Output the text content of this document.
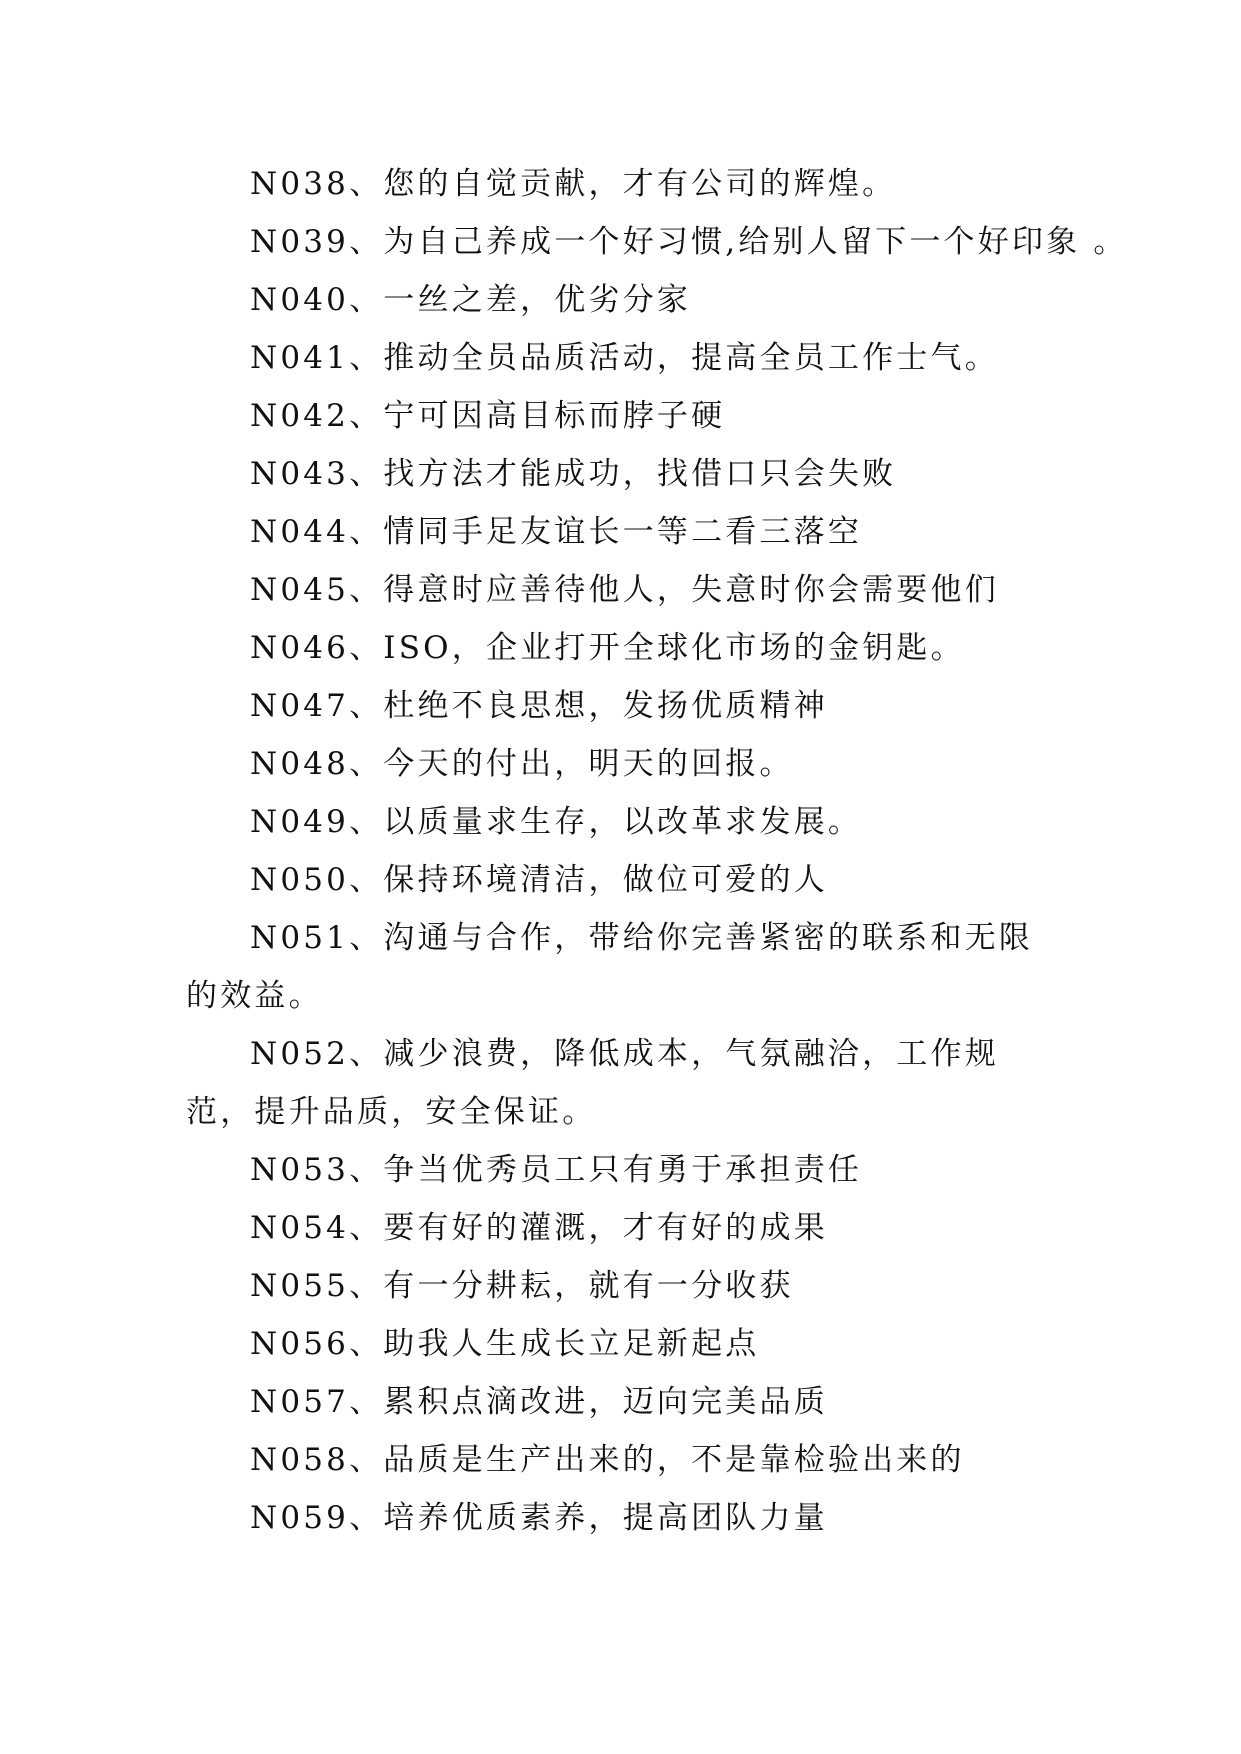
N038、您的自觉贡献，才有公司的辉煌。

N039、为自己养成一个好习惯,给别人留下一个好印象 。

N040、一丝之差，优劣分家

N041、推动全员品质活动，提高全员工作士气。

N042、宁可因高目标而脖子硬

N043、找方法才能成功，找借口只会失败

N044、情同手足友谊长一等二看三落空

N045、得意时应善待他人，失意时你会需要他们

N046、ISO，企业打开全球化市场的金钥匙。

N047、杜绝不良思想，发扬优质精神

N048、今天的付出，明天的回报。

N049、以质量求生存，以改革求发展。

N050、保持环境清洁，做位可爱的人

N051、沟通与合作，带给你完善紧密的联系和无限的效益。

N052、减少浪费，降低成本，气氛融洽，工作规范，提升品质，安全保证。

N053、争当优秀员工只有勇于承担责任

N054、要有好的灌溉，才有好的成果

N055、有一分耕耘，就有一分收获

N056、助我人生成长立足新起点

N057、累积点滴改进，迈向完美品质

N058、品质是生产出来的，不是靠检验出来的

N059、培养优质素养，提高团队力量
